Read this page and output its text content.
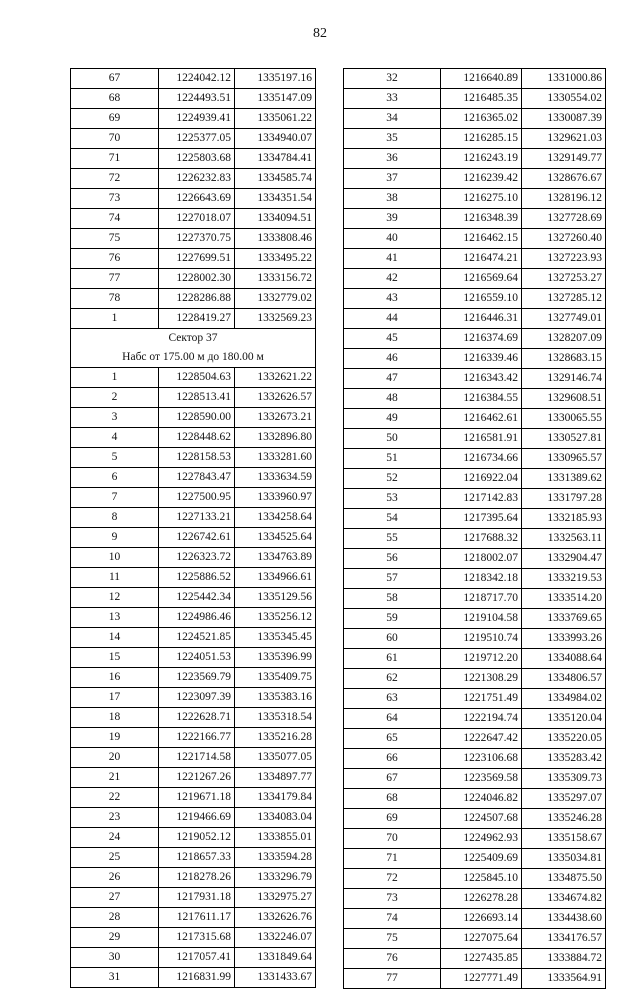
82
67	1224042.12	1335197.16
68	1224493.51	1335147.09
69	1224939.41	1335061.22
70	1225377.05	1334940.07
71	1225803.68	1334784.41
72	1226232.83	1334585.74
73	1226643.69	1334351.54
74	1227018.07	1334094.51
75	1227370.75	1333808.46
76	1227699.51	1333495.22
77	1228002.30	1333156.72
78	1228286.88	1332779.02
1	1228419.27	1332569.23

Сектор 37
Набс от 175.00 м до 180.00 м		

1	1228504.63	1332621.22
2	1228513.41	1332626.57
3	1228590.00	1332673.21
4	1228448.62	1332896.80
5	1228158.53	1333281.60
6	1227843.47	1333634.59
7	1227500.95	1333960.97
8	1227133.21	1334258.64
9	1226742.61	1334525.64
10	1226323.72	1334763.89
11	1225886.52	1334966.61
12	1225442.34	1335129.56
13	1224986.46	1335256.12
14	1224521.85	1335345.45
15	1224051.53	1335396.99
16	1223569.79	1335409.75
17	1223097.39	1335383.16
18	1222628.71	1335318.54
19	1222166.77	1335216.28
20	1221714.58	1335077.05
21	1221267.26	1334897.77
22	1219671.18	1334179.84
23	1219466.69	1334083.04
24	1219052.12	1333855.01
25	1218657.33	1333594.28
26	1218278.26	1333296.79
27	1217931.18	1332975.27
28	1217611.17	1332626.76
29	1217315.68	1332246.07
30	1217057.41	1331849.64
31	1216831.99	1331433.67
32	1216640.89	1331000.86
33	1216485.35	1330554.02
34	1216365.02	1330087.39
35	1216285.15	1329621.03
36	1216243.19	1329149.77
37	1216239.42	1328676.67
38	1216275.10	1328196.12
39	1216348.39	1327728.69
40	1216462.15	1327260.40
41	1216474.21	1327223.93
42	1216569.64	1327253.27
43	1216559.10	1327285.12
44	1216446.31	1327749.01
45	1216374.69	1328207.09
46	1216339.46	1328683.15
47	1216343.42	1329146.74
48	1216384.55	1329608.51
49	1216462.61	1330065.55
50	1216581.91	1330527.81
51	1216734.66	1330965.57
52	1216922.04	1331389.62
53	1217142.83	1331797.28
54	1217395.64	1332185.93
55	1217688.32	1332563.11
56	1218002.07	1332904.47
57	1218342.18	1333219.53
58	1218717.70	1333514.20
59	1219104.58	1333769.65
60	1219510.74	1333993.26
61	1219712.20	1334088.64
62	1221308.29	1334806.57
63	1221751.49	1334984.02
64	1222194.74	1335120.04
65	1222647.42	1335220.05
66	1223106.68	1335283.42
67	1223569.58	1335309.73
68	1224046.82	1335297.07
69	1224507.68	1335246.28
70	1224962.93	1335158.67
71	1225409.69	1335034.81
72	1225845.10	1334875.50
73	1226278.28	1334674.82
74	1226693.14	1334438.60
75	1227075.64	1334176.57
76	1227435.85	1333884.72
77	1227771.49	1333564.91
